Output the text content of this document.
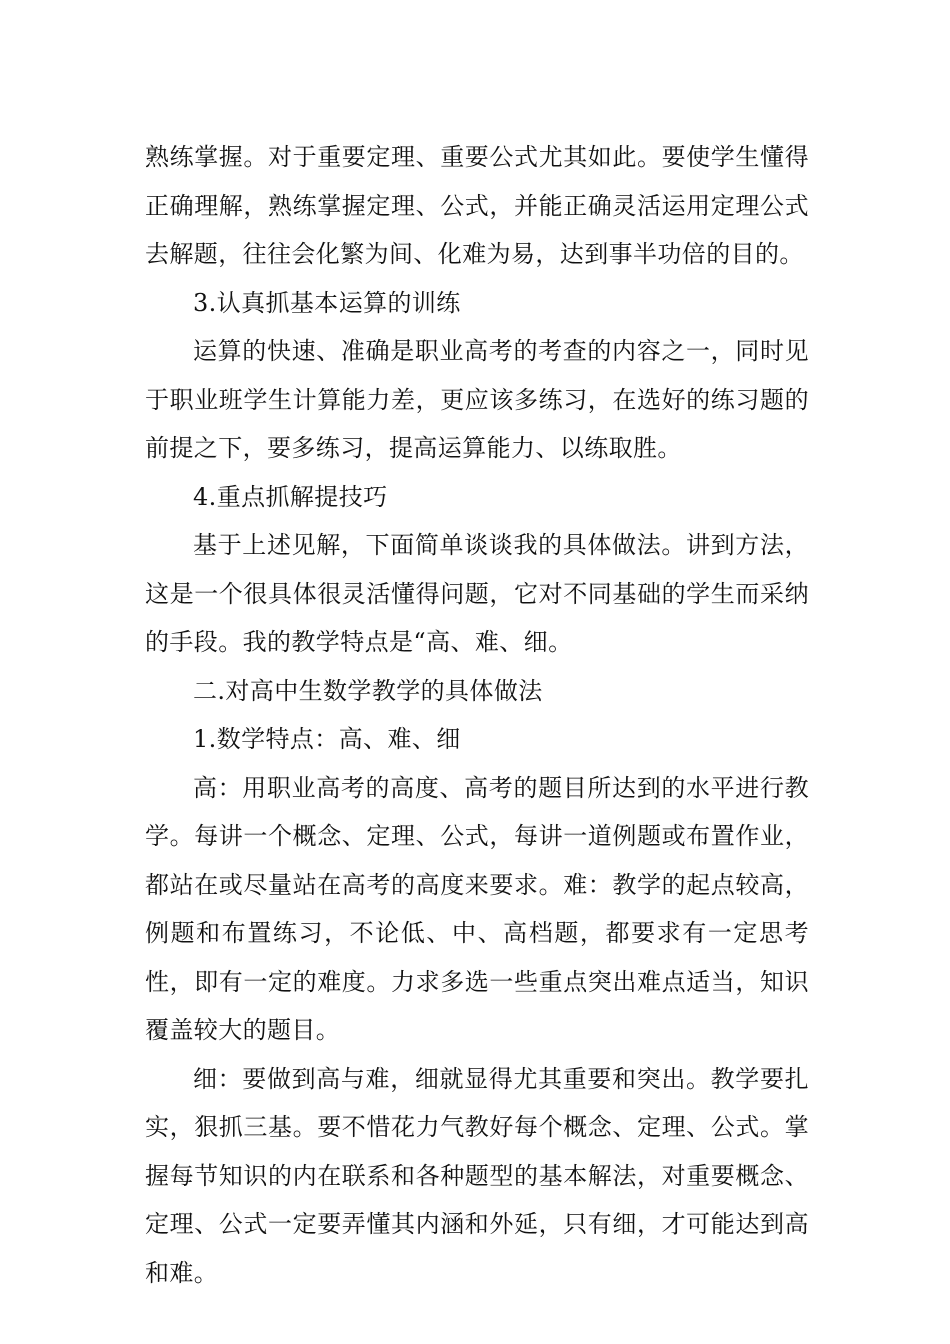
熟练掌握。对于重要定理、重要公式尤其如此。要使学生懂得正确理解，熟练掌握定理、公式，并能正确灵活运用定理公式去解题，往往会化繁为间、化难为易，达到事半功倍的目的。

3.认真抓基本运算的训练

运算的快速、准确是职业高考的考查的内容之一，同时见于职业班学生计算能力差，更应该多练习，在选好的练习题的前提之下，要多练习，提高运算能力、以练取胜。

4.重点抓解提技巧

基于上述见解，下面简单谈谈我的具体做法。讲到方法，这是一个很具体很灵活懂得问题，它对不同基础的学生而采纳的手段。我的教学特点是“高、难、细。

二.对高中生数学教学的具体做法

1.数学特点：高、难、细

高：用职业高考的高度、高考的题目所达到的水平进行教学。每讲一个概念、定理、公式，每讲一道例题或布置作业，都站在或尽量站在高考的高度来要求。难：教学的起点较高，例题和布置练习，不论低、中、高档题，都要求有一定思考性，即有一定的难度。力求多选一些重点突出难点适当，知识覆盖较大的题目。

细：要做到高与难，细就显得尤其重要和突出。教学要扎实，狠抓三基。要不惜花力气教好每个概念、定理、公式。掌握每节知识的内在联系和各种题型的基本解法，对重要概念、定理、公式一定要弄懂其内涵和外延，只有细，才可能达到高和难。
